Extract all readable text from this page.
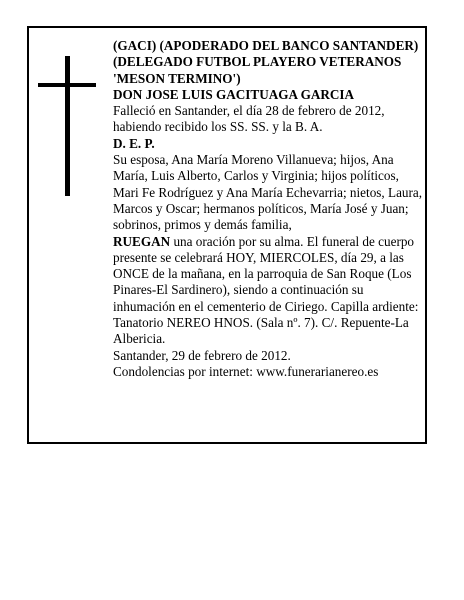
(GACI) (APODERADO DEL BANCO SANTANDER) (DELEGADO FUTBOL PLAYERO VETERANOS 'MESON TERMINO')

DON JOSE LUIS GACITUAGA GARCIA

Falleció en Santander, el día 28 de febrero de 2012, habiendo recibido los SS. SS. y la B. A.

D. E. P.

Su esposa, Ana María Moreno Villanueva; hijos, Ana María, Luis Alberto, Carlos y Virginia; hijos políticos, Mari Fe Rodríguez y Ana María Echevarria; nietos, Laura, Marcos y Oscar; hermanos políticos, María José y Juan; sobrinos, primos y demás familia,

RUEGAN una oración por su alma. El funeral de cuerpo presente se celebrará HOY, MIERCOLES, día 29, a las ONCE de la mañana, en la parroquia de San Roque (Los Pinares-El Sardinero), siendo a continuación su inhumación en el cementerio de Ciriego. Capilla ardiente: Tanatorio NEREO HNOS. (Sala nº. 7). C/. Repuente-La Albericia.

Santander, 29 de febrero de 2012.

Condolencias por internet: www.funerarianereo.es
